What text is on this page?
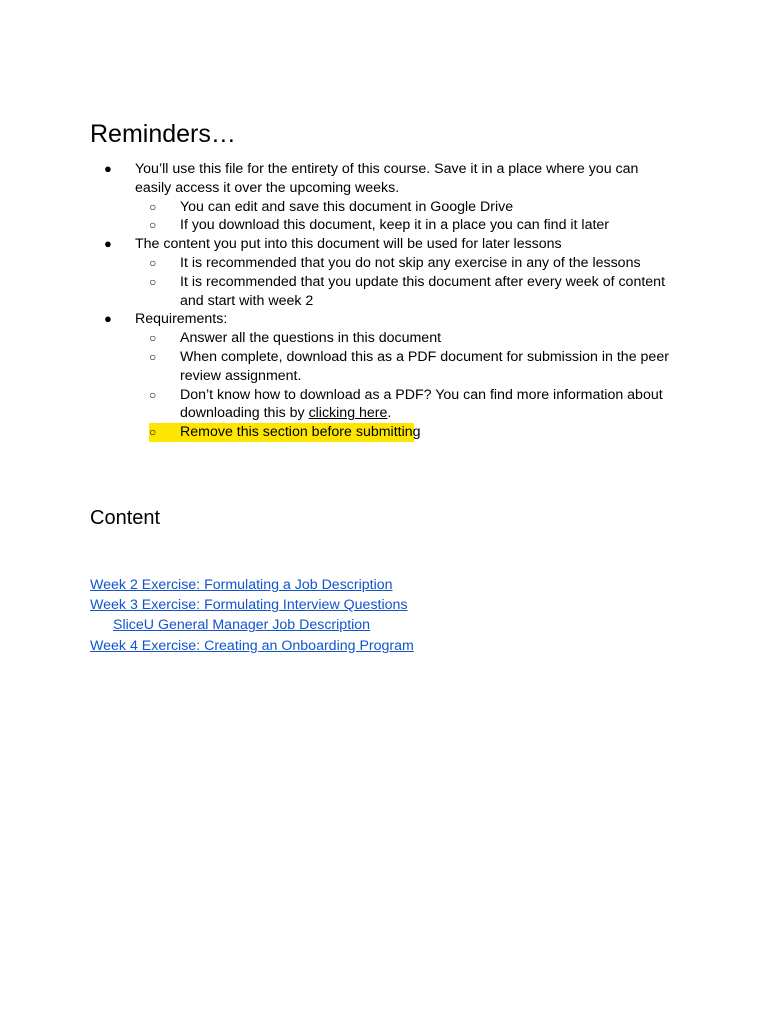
Reminders…
● You’ll use this file for the entirety of this course. Save it in a place where you can easily access it over the upcoming weeks.
○ You can edit and save this document in Google Drive
○ If you download this document, keep it in a place you can find it later
● The content you put into this document will be used for later lessons
○ It is recommended that you do not skip any exercise in any of the lessons
○ It is recommended that you update this document after every week of content and start with week 2
● Requirements:
○ Answer all the questions in this document
○ When complete, download this as a PDF document for submission in the peer review assignment.
○ Don’t know how to download as a PDF? You can find more information about downloading this by clicking here.
○ Remove this section before submitting
Content
Week 2 Exercise: Formulating a Job Description
Week 3 Exercise: Formulating Interview Questions
SliceU General Manager Job Description
Week 4 Exercise: Creating an Onboarding Program
